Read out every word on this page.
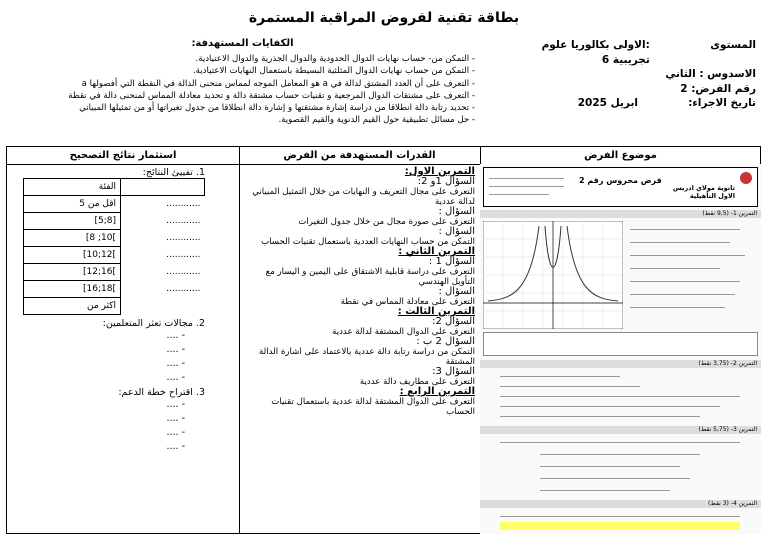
بطاقة تقنية لفروض المراقبة المستمرة
المستوى
:الاولى بكالوريا علوم تجريبية 6
الاسدوس : الثاني
رقم الفرض: 2
تاريخ الاجراء:
ابريل 2025
الكفايات المستهدفة:
- التمكن من- حساب نهايات الدوال الحدودية والدوال الجذرية والدوال الاعتيادية.
- التمكن من حساب نهايات الدوال المثلثية البسيطة باستعمال النهايات الاعتيادية.
- التعرف على أن العدد المشتق لدالة في a هو المعامل الموجه لمماس منحنى الدالة في النقطة التي أفصولها a
- التعرف على مشتقات الدوال المرجعية و تقنيات حساب مشتقة دالة و تحديد معادلة المماس لمنحنى دالة في نقطة
- تحديد رتابة دالة انطلاقا من دراسة إشارة مشتقتها و إشارة دالة انطلاقا من جدول تغيراتها أو من تمثيلها المبياني
- حل مسائل تطبيقية حول القيم الدنوية والقيم القصوية.
استثمار نتائج التصحيح	القدرات المستهدفة من الفرض	موضوع الفرض
التمرين الاول:
السؤال 1و 2:
التعرف على مجال التعريف و النهايات من خلال التمثيل المبياني
لدالة عددية
السؤال :
التعرف على صورة مجال من خلال جدول التغيرات
السؤال :
التمكن من حساب النهايات العددية باستعمال تقنيات الحساب
التمرين الثاني :
السؤال 1 :
التعرف على دراسة قابلية الاشتقاق على اليمين و اليسار مع التأويل الهندسي
السؤال :
التعرف على معادلة المماس في نقطة
التمرين الثالث :
السؤال 2:
التعرف على الدوال المشتقة لدالة عددية
السؤال 2 ب :
التمكن من دراسة رتابة دالة عددية بالاعتماد على اشارة الدالة المشتقة
السؤال 3:
التعرف على مطاريف دالة عددية
التمرين الرابع :
التعرف على الدوال المشتقة لدالة عددية باستعمال تقنيات الحساب
1. تفييئ النتائج:
	الفئة
............	اقل من 5
............	[8;5]
............	]10; 8]
............	]12;10]
............	]16;12]
............	]18;16]
	اكثر من
2. مجالات تعثر المتعلمين:
- ....
- ....
- ....
- ....
3. اقتراح خطة الدعم:
- ....
- ....
- ....
- ....
ثانوية مولاي ادريس الاول التأهيلية
فرض محروس رقم 2
التمرين 1- (9,5 نقط)
التمرين 2- (3,75 نقط)
التمرين 3- (5,75 نقط)
التمرين 4- (3 نقط)
